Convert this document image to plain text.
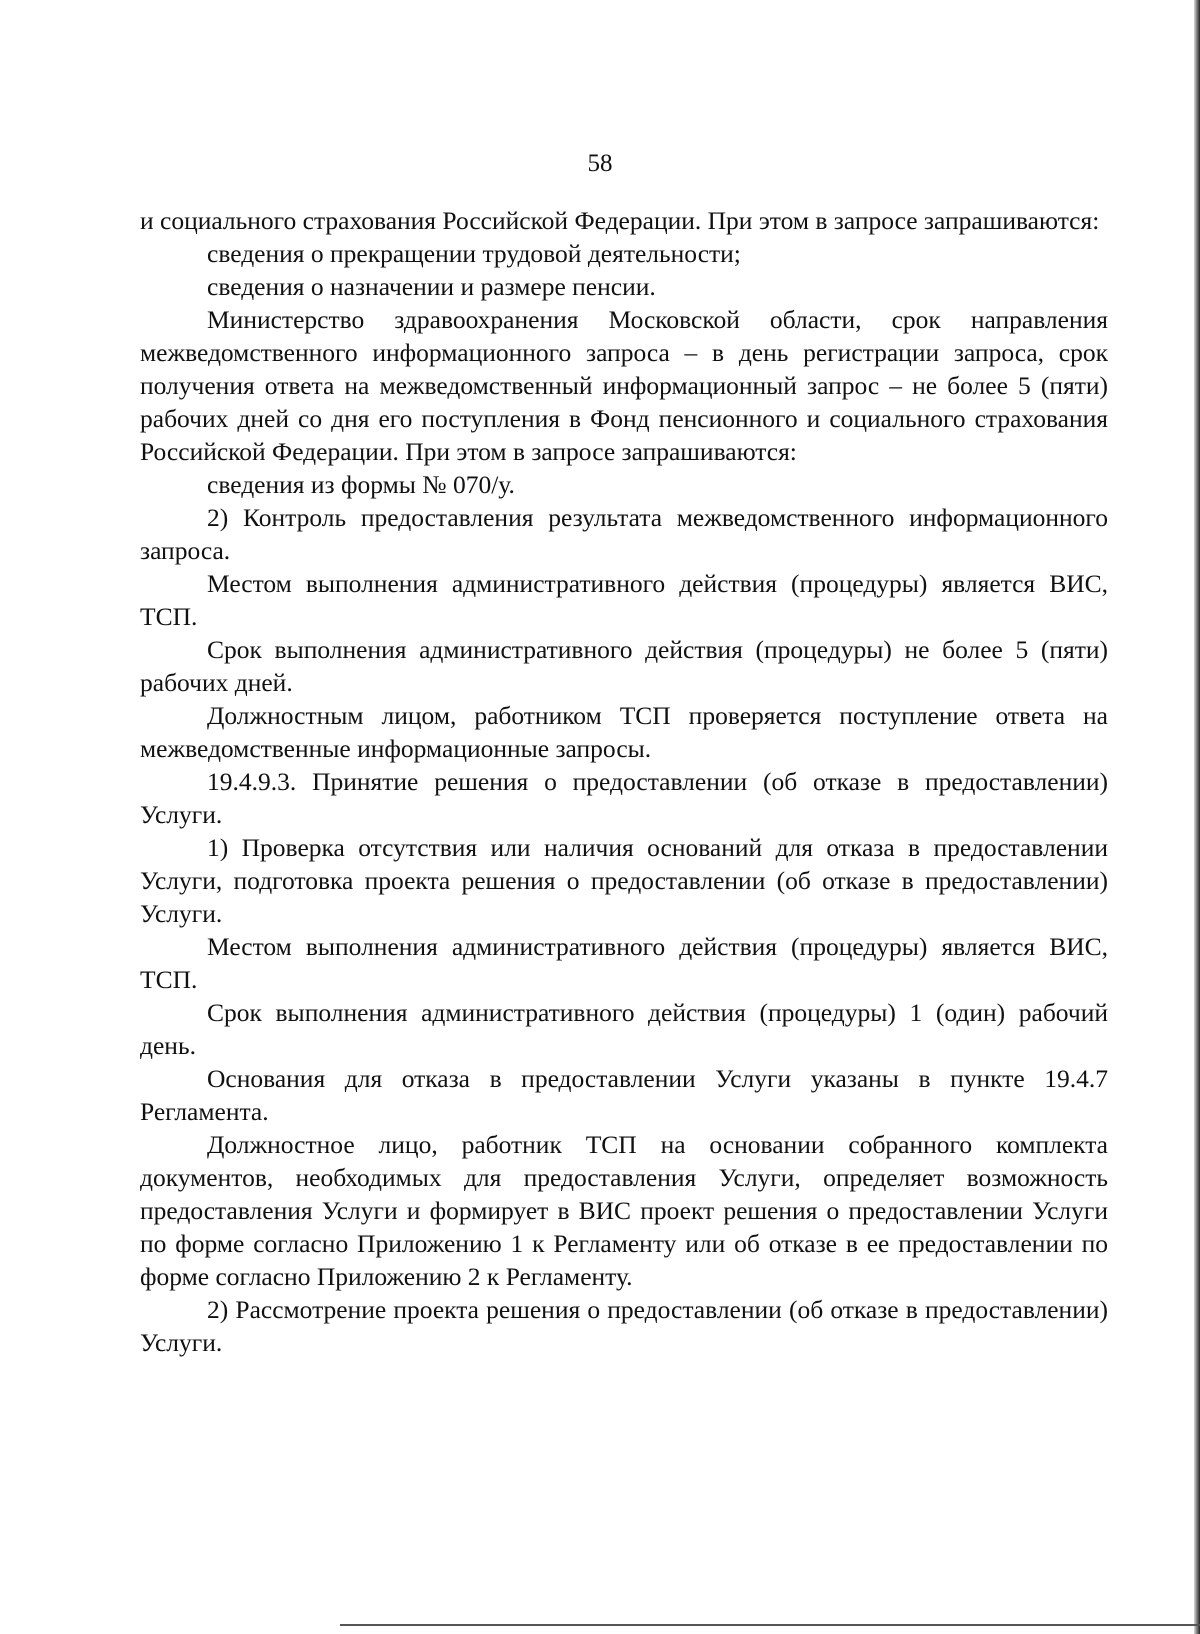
58

и социального страхования Российской Федерации. При этом в запросе запрашиваются:

сведения о прекращении трудовой деятельности;

сведения о назначении и размере пенсии.

Министерство здравоохранения Московской области, срок направления межведомственного информационного запроса – в день регистрации запроса, срок получения ответа на межведомственный информационный запрос – не более 5 (пяти) рабочих дней со дня его поступления в Фонд пенсионного и социального страхования Российской Федерации. При этом в запросе запрашиваются:

сведения из формы № 070/у.

2) Контроль предоставления результата межведомственного информационного запроса.

Местом выполнения административного действия (процедуры) является ВИС, ТСП.

Срок выполнения административного действия (процедуры) не более 5 (пяти) рабочих дней.

Должностным лицом, работником ТСП проверяется поступление ответа на межведомственные информационные запросы.

19.4.9.3. Принятие решения о предоставлении (об отказе в предоставлении) Услуги.

1) Проверка отсутствия или наличия оснований для отказа в предоставлении Услуги, подготовка проекта решения о предоставлении (об отказе в предоставлении) Услуги.

Местом выполнения административного действия (процедуры) является ВИС, ТСП.

Срок выполнения административного действия (процедуры) 1 (один) рабочий день.

Основания для отказа в предоставлении Услуги указаны в пункте 19.4.7 Регламента.

Должностное лицо, работник ТСП на основании собранного комплекта документов, необходимых для предоставления Услуги, определяет возможность предоставления Услуги и формирует в ВИС проект решения о предоставлении Услуги по форме согласно Приложению 1 к Регламенту или об отказе в ее предоставлении по форме согласно Приложению 2 к Регламенту.

2) Рассмотрение проекта решения о предоставлении (об отказе в предоставлении) Услуги.
